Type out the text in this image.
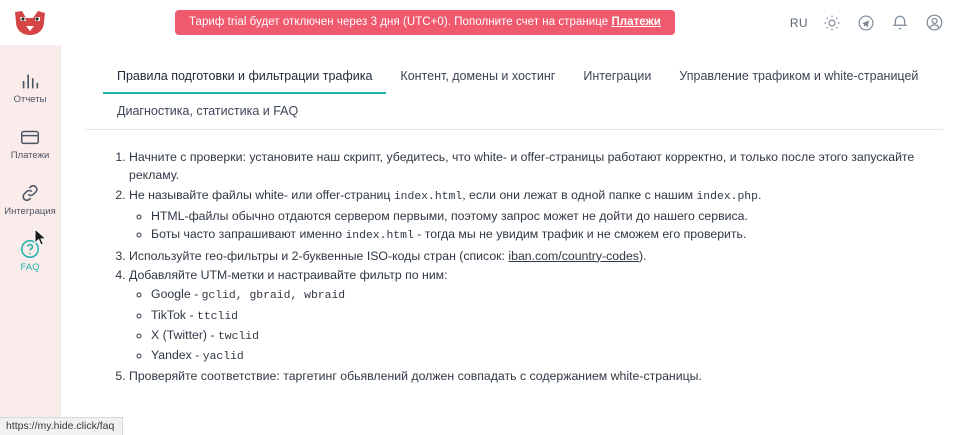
Тариф trial будет отключен через 3 дня (UTC+0). Пополните счет на странице Платежи	RU
Отчеты
Платежи
Интеграция
FAQ
Правила подготовки и фильтрации трафика	Контент, домены и хостинг	Интеграции	Управление трафиком и white-страницей
Диагностика, статистика и FAQ
1. Начните с проверки: установите наш скрипт, убедитесь, что white- и offer-страницы работают корректно, и только после этого запускайте рекламу.
2. Не называйте файлы white- или offer-страниц index.html, если они лежат в одной папке с нашим index.php.
◦ HTML-файлы обычно отдаются сервером первыми, поэтому запрос может не дойти до нашего сервиса.
◦ Боты часто запрашивают именно index.html - тогда мы не увидим трафик и не сможем его проверить.
3. Используйте гео-фильтры и 2-буквенные ISO-коды стран (список: iban.com/country-codes).
4. Добавляйте UTM-метки и настраивайте фильтр по ним:
◦ Google - gclid, gbraid, wbraid
◦ TikTok - ttclid
◦ X (Twitter) - twclid
◦ Yandex - yaclid
5. Проверяйте соответствие: таргетинг обьявлений должен совпадать с содержанием white-страницы.
https://my.hide.click/faq
